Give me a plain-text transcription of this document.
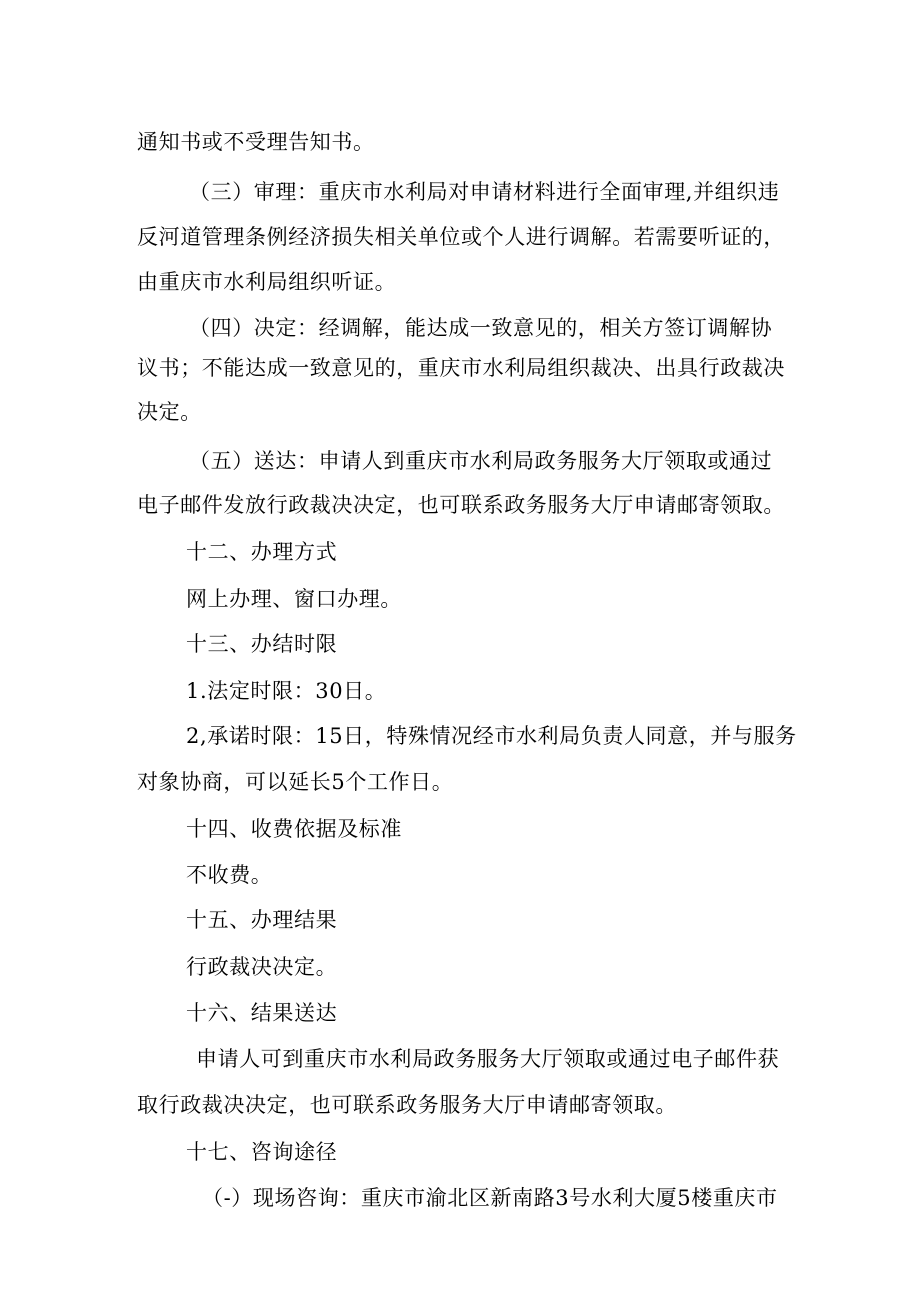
通知书或不受理告知书。
（三）审理：重庆市水利局对申请材料进行全面审理,并组织违
反河道管理条例经济损失相关单位或个人进行调解。若需要听证的，
由重庆市水利局组织听证。
（四）决定：经调解，能达成一致意见的，相关方签订调解协
议书；不能达成一致意见的，重庆市水利局组织裁决、出具行政裁决
决定。
（五）送达：申请人到重庆市水利局政务服务大厅领取或通过
电子邮件发放行政裁决决定，也可联系政务服务大厅申请邮寄领取。
十二、办理方式
网上办理、窗口办理。
十三、办结时限
1.法定时限：30日。
2,承诺时限：15日，特殊情况经市水利局负责人同意，并与服务
对象协商，可以延长5个工作日。
十四、收费依据及标准
不收费。
十五、办理结果
行政裁决决定。
十六、结果送达
申请人可到重庆市水利局政务服务大厅领取或通过电子邮件获
取行政裁决决定，也可联系政务服务大厅申请邮寄领取。
十七、咨询途径
（-）现场咨询：重庆市渝北区新南路3号水利大厦5楼重庆市
